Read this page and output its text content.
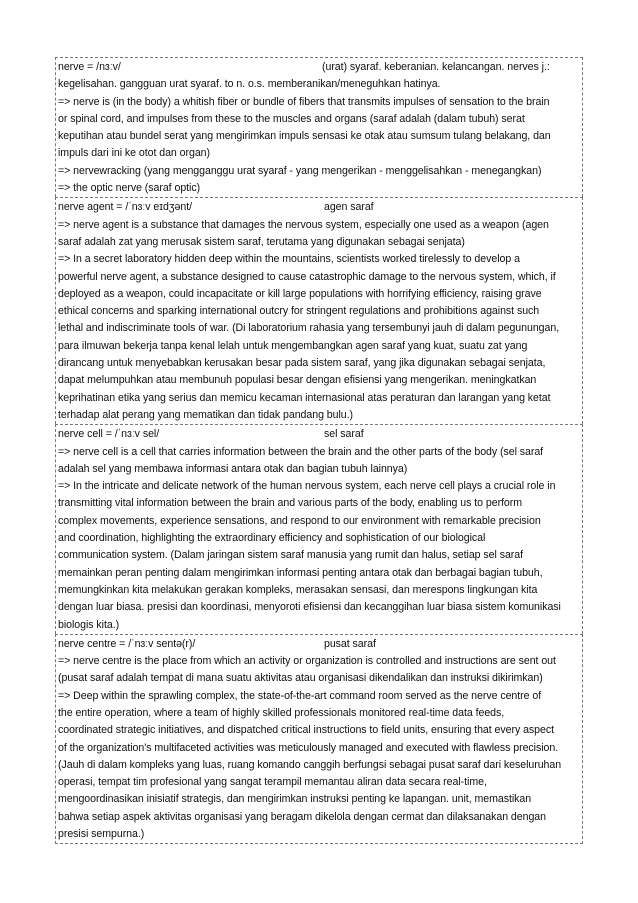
nerve = /nɜːv/	(urat) syaraf. keberanian. kelancangan. nerves j.:
kegelisahan. gangguan urat syaraf. to n. o.s. memberanikan/meneguhkan hatinya.
=> nerve is (in the body) a whitish fiber or bundle of fibers that transmits impulses of sensation to the brain
or spinal cord, and impulses from these to the muscles and organs (saraf adalah (dalam tubuh) serat
keputihan atau bundel serat yang mengirimkan impuls sensasi ke otak atau sumsum tulang belakang, dan
impuls dari ini ke otot dan organ)
=> nervewracking (yang mengganggu urat syaraf - yang mengerikan - menggelisahkan - menegangkan)
=> the optic nerve (saraf optic)
nerve agent = /ˈnɜːv eɪdʒənt/	agen saraf
=> nerve agent is a substance that damages the nervous system, especially one used as a weapon (agen
saraf adalah zat yang merusak sistem saraf, terutama yang digunakan sebagai senjata)
=> In a secret laboratory hidden deep within the mountains, scientists worked tirelessly to develop a
powerful nerve agent, a substance designed to cause catastrophic damage to the nervous system, which, if
deployed as a weapon, could incapacitate or kill large populations with horrifying efficiency, raising grave
ethical concerns and sparking international outcry for stringent regulations and prohibitions against such
lethal and indiscriminate tools of war. (Di laboratorium rahasia yang tersembunyi jauh di dalam pegunungan,
para ilmuwan bekerja tanpa kenal lelah untuk mengembangkan agen saraf yang kuat, suatu zat yang
dirancang untuk menyebabkan kerusakan besar pada sistem saraf, yang jika digunakan sebagai senjata,
dapat melumpuhkan atau membunuh populasi besar dengan efisiensi yang mengerikan. meningkatkan
keprihatinan etika yang serius dan memicu kecaman internasional atas peraturan dan larangan yang ketat
terhadap alat perang yang mematikan dan tidak pandang bulu.)
nerve cell = /ˈnɜːv sel/	sel saraf
=> nerve cell is a cell that carries information between the brain and the other parts of the body (sel saraf
adalah sel yang membawa informasi antara otak dan bagian tubuh lainnya)
=> In the intricate and delicate network of the human nervous system, each nerve cell plays a crucial role in
transmitting vital information between the brain and various parts of the body, enabling us to perform
complex movements, experience sensations, and respond to our environment with remarkable precision
and coordination, highlighting the extraordinary efficiency and sophistication of our biological
communication system. (Dalam jaringan sistem saraf manusia yang rumit dan halus, setiap sel saraf
memainkan peran penting dalam mengirimkan informasi penting antara otak dan berbagai bagian tubuh,
memungkinkan kita melakukan gerakan kompleks, merasakan sensasi, dan merespons lingkungan kita
dengan luar biasa. presisi dan koordinasi, menyoroti efisiensi dan kecanggihan luar biasa sistem komunikasi
biologis kita.)
nerve centre = /ˈnɜːv sentə(r)/	pusat saraf
=> nerve centre is the place from which an activity or organization is controlled and instructions are sent out
(pusat saraf adalah tempat di mana suatu aktivitas atau organisasi dikendalikan dan instruksi dikirimkan)
=> Deep within the sprawling complex, the state-of-the-art command room served as the nerve centre of
the entire operation, where a team of highly skilled professionals monitored real-time data feeds,
coordinated strategic initiatives, and dispatched critical instructions to field units, ensuring that every aspect
of the organization's multifaceted activities was meticulously managed and executed with flawless precision.
(Jauh di dalam kompleks yang luas, ruang komando canggih berfungsi sebagai pusat saraf dari keseluruhan
operasi, tempat tim profesional yang sangat terampil memantau aliran data secara real-time,
mengoordinasikan inisiatif strategis, dan mengirimkan instruksi penting ke lapangan. unit, memastikan
bahwa setiap aspek aktivitas organisasi yang beragam dikelola dengan cermat dan dilaksanakan dengan
presisi sempurna.)
